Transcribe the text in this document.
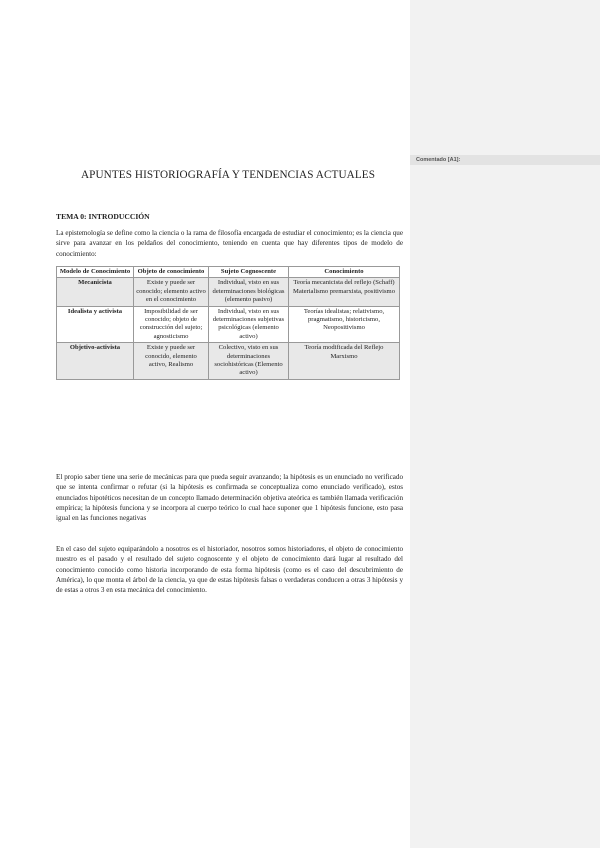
Comentado [A1]:
APUNTES HISTORIOGRAFÍA Y TENDENCIAS ACTUALES
TEMA 0: INTRODUCCIÓN

La epistemología se define como la ciencia o la rama de filosofía encargada de estudiar el conocimiento; es la ciencia que sirve para avanzar en los peldaños del conocimiento, teniendo en cuenta que hay diferentes tipos de modelo de conocimiento:

Modelo de Conocimiento	Objeto de conocimiento	Sujeto Cognoscente	Conocimiento
Mecanicista	Existe y puede ser conocido; elemento activo en el conocimiento	Individual, visto en sus determinaciones biológicas (elemento pasivo)	Teoría mecanicista del reflejo (Schaff) Materialismo premarxista, positivismo
Idealista y activista	Imposibilidad de ser conocido; objeto de construcción del sujeto; agnosticismo	Individual, visto en sus determinaciones subjetivas psicológicas (elemento activo)	Teorías idealistas; relativismo, pragmatismo, historicismo, Neopositivismo
Objetivo-activista	Existe y puede ser conocido, elemento activo, Realismo	Colectivo, visto en sus determinaciones sociohistóricas (Elemento activo)	Teoría modificada del Reflejo Marxismo

El propio saber tiene una serie de mecánicas para que pueda seguir avanzando; la hipótesis es un enunciado no verificado que se intenta confirmar o refutar (si la hipótesis es confirmada se conceptualiza como enunciado verificado), estos enunciados hipotéticos necesitan de un concepto llamado determinación objetiva ateórica es también llamada verificación empírica; la hipótesis funciona y se incorpora al cuerpo teórico lo cual hace suponer que 1 hipótesis funcione, esto pasa igual en las funciones negativas

En el caso del sujeto equiparándolo a nosotros es el historiador, nosotros somos historiadores, el objeto de conocimiento nuestro es el pasado y el resultado del sujeto cognoscente y el objeto de conocimiento dará lugar al resultado del conocimiento conocido como historia incorporando de esta forma hipótesis (como es el caso del descubrimiento de América), lo que monta el árbol de la ciencia, ya que de estas hipótesis falsas o verdaderas conducen a otras 3 hipótesis y de estas a otros 3 en esta mecánica del conocimiento.
